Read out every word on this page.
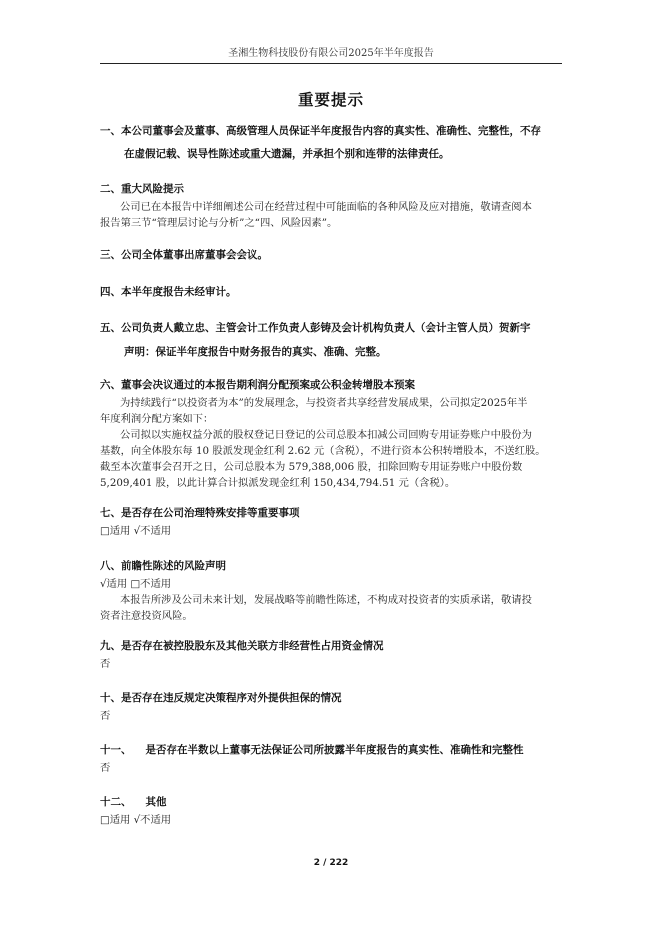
圣湘生物科技股份有限公司2025年半年度报告
重要提示
一、本公司董事会及董事、高级管理人员保证半年度报告内容的真实性、准确性、完整性，不存
在虚假记载、误导性陈述或重大遗漏，并承担个别和连带的法律责任。
二、重大风险提示
公司已在本报告中详细阐述公司在经营过程中可能面临的各种风险及应对措施，敬请查阅本
报告第三节“管理层讨论与分析”之“四、风险因素”。
三、公司全体董事出席董事会会议。
四、本半年度报告未经审计。
五、公司负责人戴立忠、主管会计工作负责人彭铸及会计机构负责人（会计主管人员）贺新宇
声明：保证半年度报告中财务报告的真实、准确、完整。
六、董事会决议通过的本报告期利润分配预案或公积金转增股本预案
为持续践行“以投资者为本”的发展理念，与投资者共享经营发展成果，公司拟定2025年半
年度利润分配方案如下：
公司拟以实施权益分派的股权登记日登记的公司总股本扣减公司回购专用证券账户中股份为
基数，向全体股东每 10 股派发现金红利 2.62 元（含税），不进行资本公积转增股本，不送红股。
截至本次董事会召开之日，公司总股本为 579,388,006 股，扣除回购专用证券账户中股份数
5,209,401 股，以此计算合计拟派发现金红利 150,434,794.51 元（含税）。
七、是否存在公司治理特殊安排等重要事项
□适用 √不适用
八、前瞻性陈述的风险声明
√适用 □不适用
本报告所涉及公司未来计划，发展战略等前瞻性陈述，不构成对投资者的实质承诺，敬请投
资者注意投资风险。
九、是否存在被控股股东及其他关联方非经营性占用资金情况
否
十、是否存在违反规定决策程序对外提供担保的情况
否
十一、 是否存在半数以上董事无法保证公司所披露半年度报告的真实性、准确性和完整性
否
十二、 其他
□适用 √不适用
2 / 222
